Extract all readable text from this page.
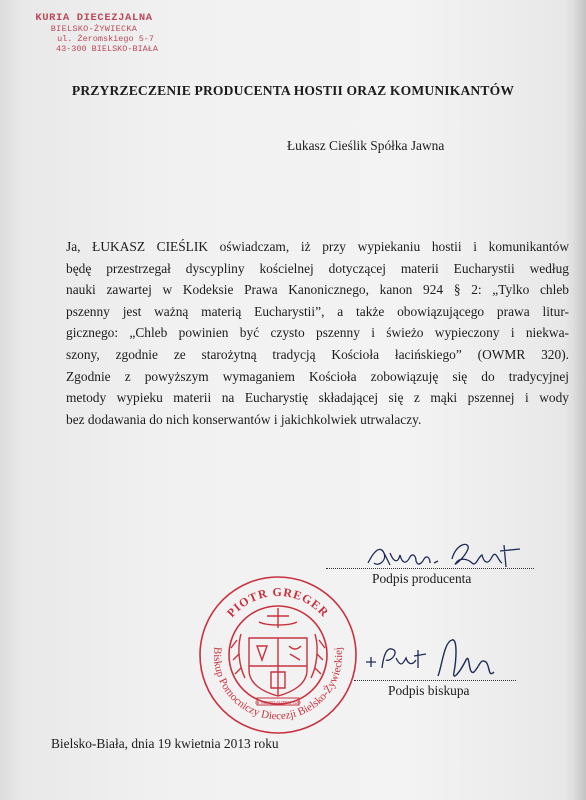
KURIA DIECEZJALNA
BIELSKO-ŻYWIECKA
ul. Żeromskiego 5-7
43-300 BIELSKO-BIAŁA
PRZYRZECZENIE PRODUCENTA HOSTII ORAZ KOMUNIKANTÓW
Łukasz Cieślik Spółka Jawna

Ja, ŁUKASZ CIEŚLIK oświadczam, iż przy wypiekaniu hostii i komunikantów
będę przestrzegał dyscypliny kościelnej dotyczącej materii Eucharystii według
nauki zawartej w Kodeksie Prawa Kanonicznego, kanon 924 § 2: „Tylko chleb
pszenny jest ważną materią Eucharystii”, a także obowiązującego prawa litur-
gicznego: „Chleb powinien być czysto pszenny i świeżo wypieczony i niekwa-
szony, zgodnie ze starożytną tradycją Kościoła łacińskiego” (OWMR 320).
Zgodnie z powyższym wymaganiem Kościoła zobowiązuję się do tradycyjnej
metody wypieku materii na Eucharystię składającej się z mąki pszennej i wody
bez dodawania do nich konserwantów i jakichkolwiek utrwalaczy.

Podpis producenta
PIOTR GREGER
Biskup Pomocniczy Diecezji Bielsko-Żywieckiej
IN VERBO AUTEM TUO
Podpis biskupa
Bielsko-Biała, dnia 19 kwietnia 2013 roku
